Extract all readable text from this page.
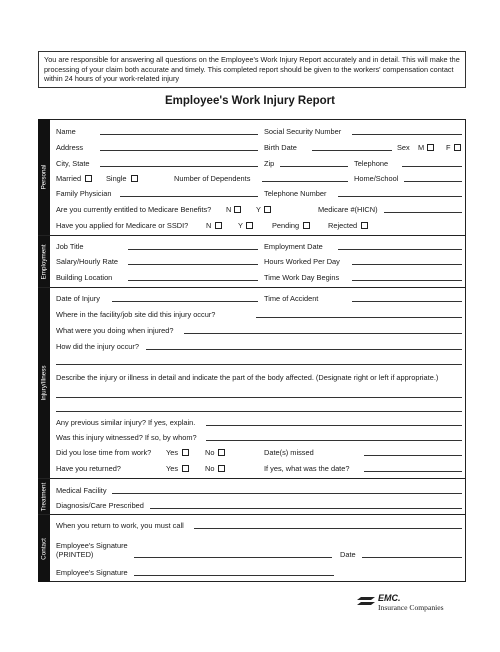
You are responsible for answering all questions on the Employee's Work Injury Report accurately and in detail. This will make the processing of your claim both accurate and timely. This completed report should be given to the workers' compensation contact within 24 hours of your work-related injury
Employee's Work Injury Report
Personal
Employment
Injury/Illness
Treatment
Contact
Name	Social Security Number
Address	Birth Date	Sex M	F
City, State	Zip	Telephone
Married	Single	Number of Dependents	Home/School
Family Physician	Telephone Number
Are you currently entitled to Medicare Benefits? N	Y	Medicare #(HICN)
Have you applied for Medicare or SSDI? N	Y	Pending	Rejected
Job Title	Employment Date
Salary/Hourly Rate	Hours Worked Per Day
Building Location	Time Work Day Begins
Date of Injury	Time of Accident
Where in the facility/job site did this injury occur?
What were you doing when injured?
How did the injury occur?
Describe the injury or illness in detail and indicate the part of the body affected. (Designate right or left if appropriate.)
Any previous similar injury? If yes, explain.
Was this injury witnessed? If so, by whom?
Did you lose time from work? Yes	No	Date(s) missed
Have you returned?	Yes	No	If yes, what was the date?
Medical Facility
Diagnosis/Care Prescribed
When you return to work, you must call
Employee's Signature
(PRINTED)	Date
Employee's Signature
EMC.
Insurance Companies
